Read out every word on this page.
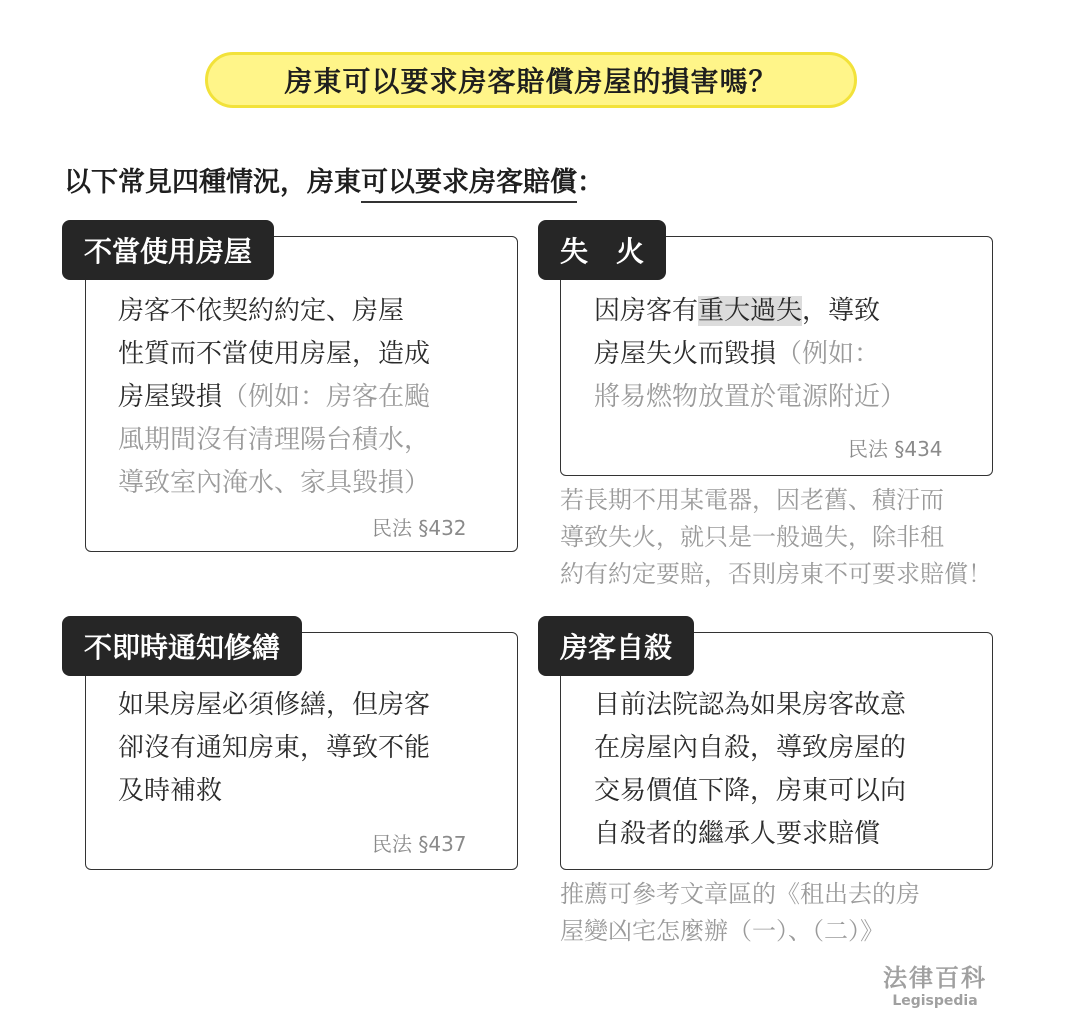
房東可以要求房客賠償房屋的損害嗎？
以下常見四種情況，房東可以要求房客賠償：
不當使用房屋
房客不依契約約定、房屋
性質而不當使用房屋，造成
房屋毀損（例如：房客在颱
風期間沒有清理陽台積水，
導致室內淹水、家具毀損）
民法 §432
失　火
因房客有重大過失，導致
房屋失火而毀損（例如：
將易燃物放置於電源附近）
民法 §434
若長期不用某電器，因老舊、積汙而
導致失火，就只是一般過失，除非租
約有約定要賠，否則房東不可要求賠償！
不即時通知修繕
如果房屋必須修繕，但房客
卻沒有通知房東，導致不能
及時補救
民法 §437
房客自殺
目前法院認為如果房客故意
在房屋內自殺，導致房屋的
交易價值下降，房東可以向
自殺者的繼承人要求賠償
推薦可參考文章區的《租出去的房
屋變凶宅怎麼辦（一）、（二）》
法律百科
Legispedia
